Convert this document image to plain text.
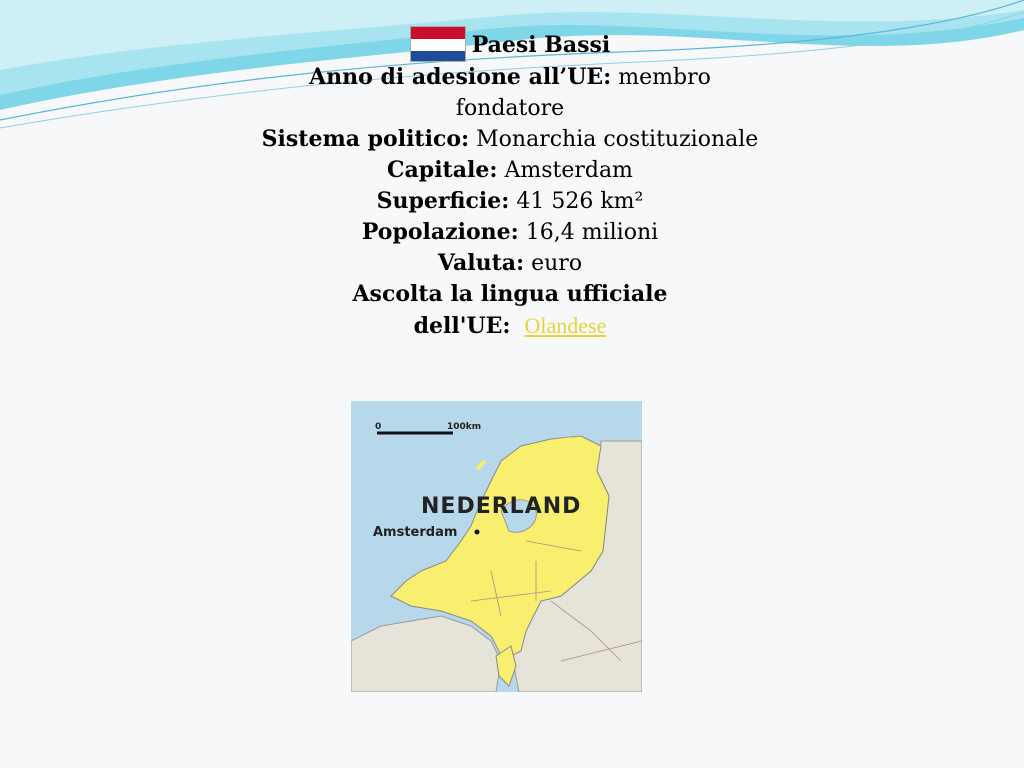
Paesi Bassi
Anno di adesione all’UE: membro fondatore
Sistema politico: Monarchia costituzionale
Capitale: Amsterdam
Superficie: 41 526 km²
Popolazione: 16,4 milioni
Valuta: euro
Ascolta la lingua ufficiale
dell'UE: Olandese
0	100km
NEDERLAND
Amsterdam
